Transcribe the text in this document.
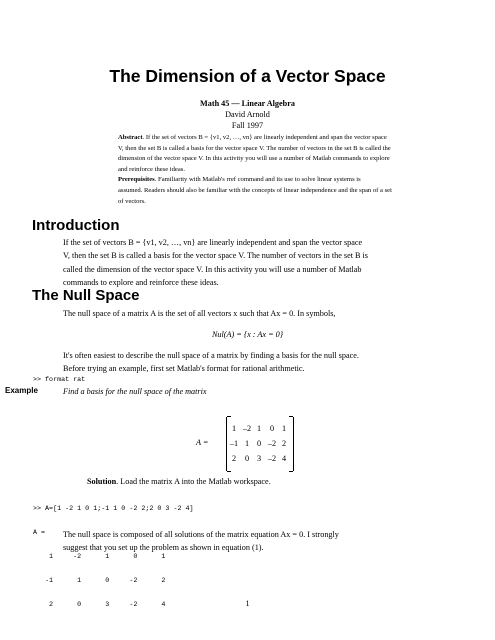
The Dimension of a Vector Space
Math 45 — Linear Algebra
David Arnold
Fall 1997
Abstract. If the set of vectors B = {v1, v2, …, vn} are linearly independent and span the vector space
V, then the set B is called a basis for the vector space V. The number of vectors in the set B is called the
dimension of the vector space V. In this activity you will use a number of Matlab commands to explore
and reinforce these ideas.
Prerequisites. Familiarity with Matlab's rref command and its use to solve linear systems is
assumed. Readers should also be familiar with the concepts of linear independence and the span of a set
of vectors.
Introduction
If the set of vectors B = {v1, v2, …, vn} are linearly independent and span the vector space
V, then the set B is called a basis for the vector space V. The number of vectors in the set B is
called the dimension of the vector space V. In this activity you will use a number of Matlab
commands to explore and reinforce these ideas.
The Null Space
The null space of a matrix A is the set of all vectors x such that Ax = 0. In symbols,
Nul(A) = {x : Ax = 0}
It's often easiest to describe the null space of a matrix by finding a basis for the null space.
Before trying an example, first set Matlab's format for rational arithmetic.
>> format rat
Example	Find a basis for the null space of the matrix
A =
1 –2 1	0 1
–1 1 0 –2 2
2	0 3 –2 4
Solution. Load the matrix A into the Matlab workspace.

>> A=[1 -2 1 0 1;-1 1 0 -2 2;2 0 3 -2 4]

A =

1     -2      1      0      1

-1      1      0     -2      2

2      0      3     -2      4

The null space is composed of all solutions of the matrix equation Ax = 0. I strongly
suggest that you set up the problem as shown in equation (1).
1
